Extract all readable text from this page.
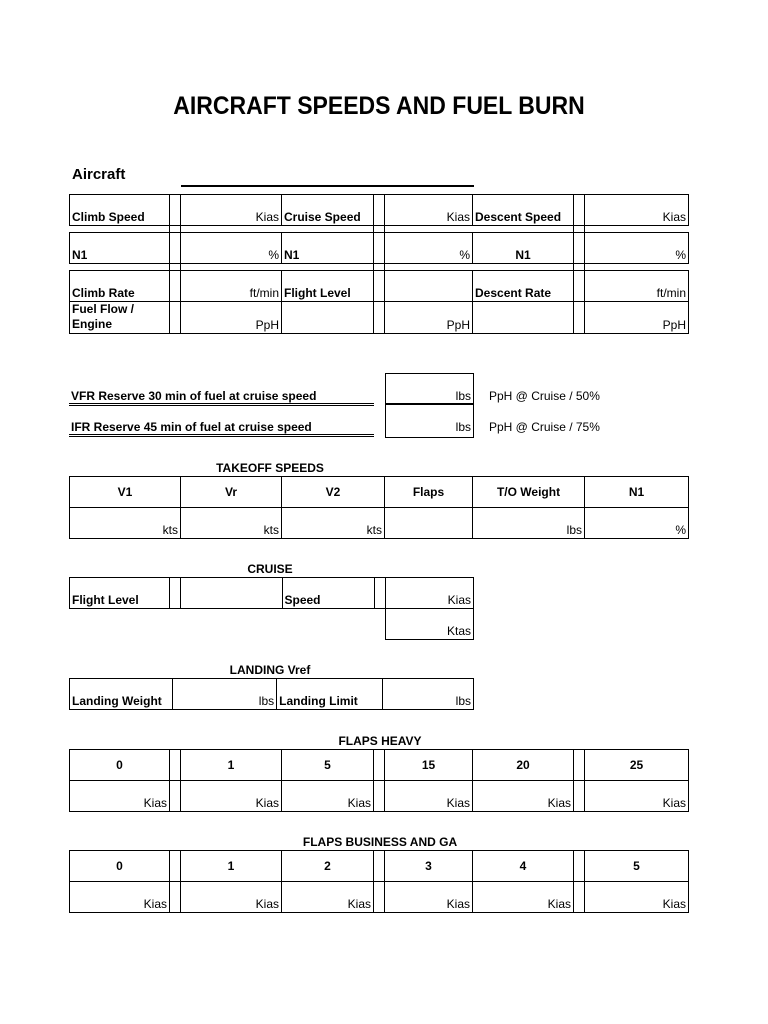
AIRCRAFT SPEEDS AND FUEL BURN
Aircraft
Climb Speed		Kias	Cruise Speed		Kias	Descent Speed		Kias

N1		%	N1		%	N1		%

Climb Rate		ft/min	Flight Level			Descent Rate		ft/min
Fuel Flow / Engine		PpH			PpH			PpH
VFR Reserve 30 min of fuel at cruise speed	lbs PpH @ Cruise / 50%
IFR Reserve 45 min of fuel at cruise speed	lbs PpH @ Cruise / 75%
TAKEOFF SPEEDS
V1	Vr	V2	Flaps	T/O Weight	N1
kts	kts	kts		lbs	%
CRUISE
Flight Level			Speed		Kias
					Ktas
LANDING Vref
Landing Weight	lbs	Landing Limit	lbs
FLAPS HEAVY
0		1	5		15	20		25
Kias		Kias	Kias		Kias	Kias		Kias
FLAPS BUSINESS AND GA
0		1	2		3	4		5
Kias		Kias	Kias		Kias	Kias		Kias
